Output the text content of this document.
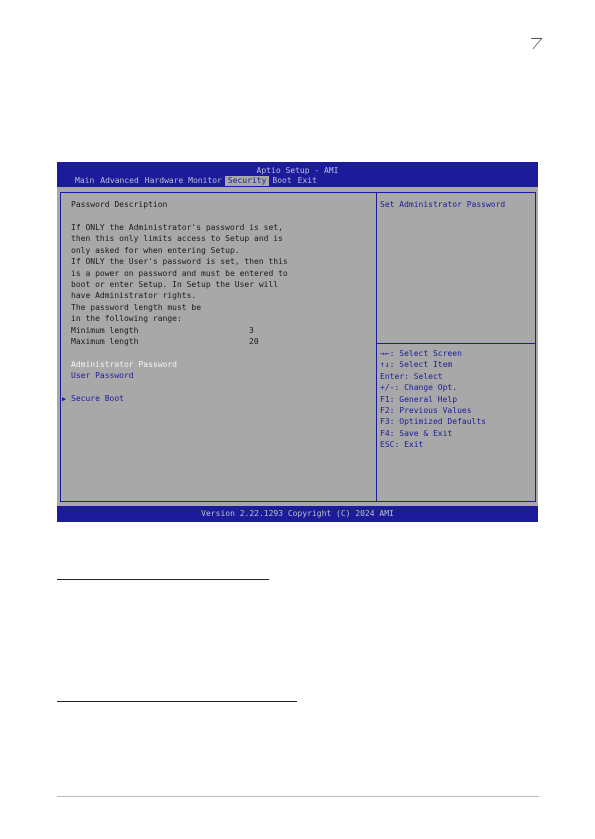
Aptio Setup - AMI
Main Advanced Hardware Monitor Security Boot Exit
Password Description
If ONLY the Administrator's password is set,
then this only limits access to Setup and is
only asked for when entering Setup.
If ONLY the User's password is set, then this
is a power on password and must be entered to
boot or enter Setup. In Setup the User will
have Administrator rights.
The password length must be
in the following range:
Minimum length	3
Maximum length	20
Administrator Password
User Password
▶ Secure Boot
Set Administrator Password
→←: Select Screen
↑↓: Select Item
Enter: Select
+/-: Change Opt.
F1: General Help
F2: Previous Values
F3: Optimized Defaults
F4: Save & Exit
ESC: Exit
Version 2.22.1293 Copyright (C) 2024 AMI
